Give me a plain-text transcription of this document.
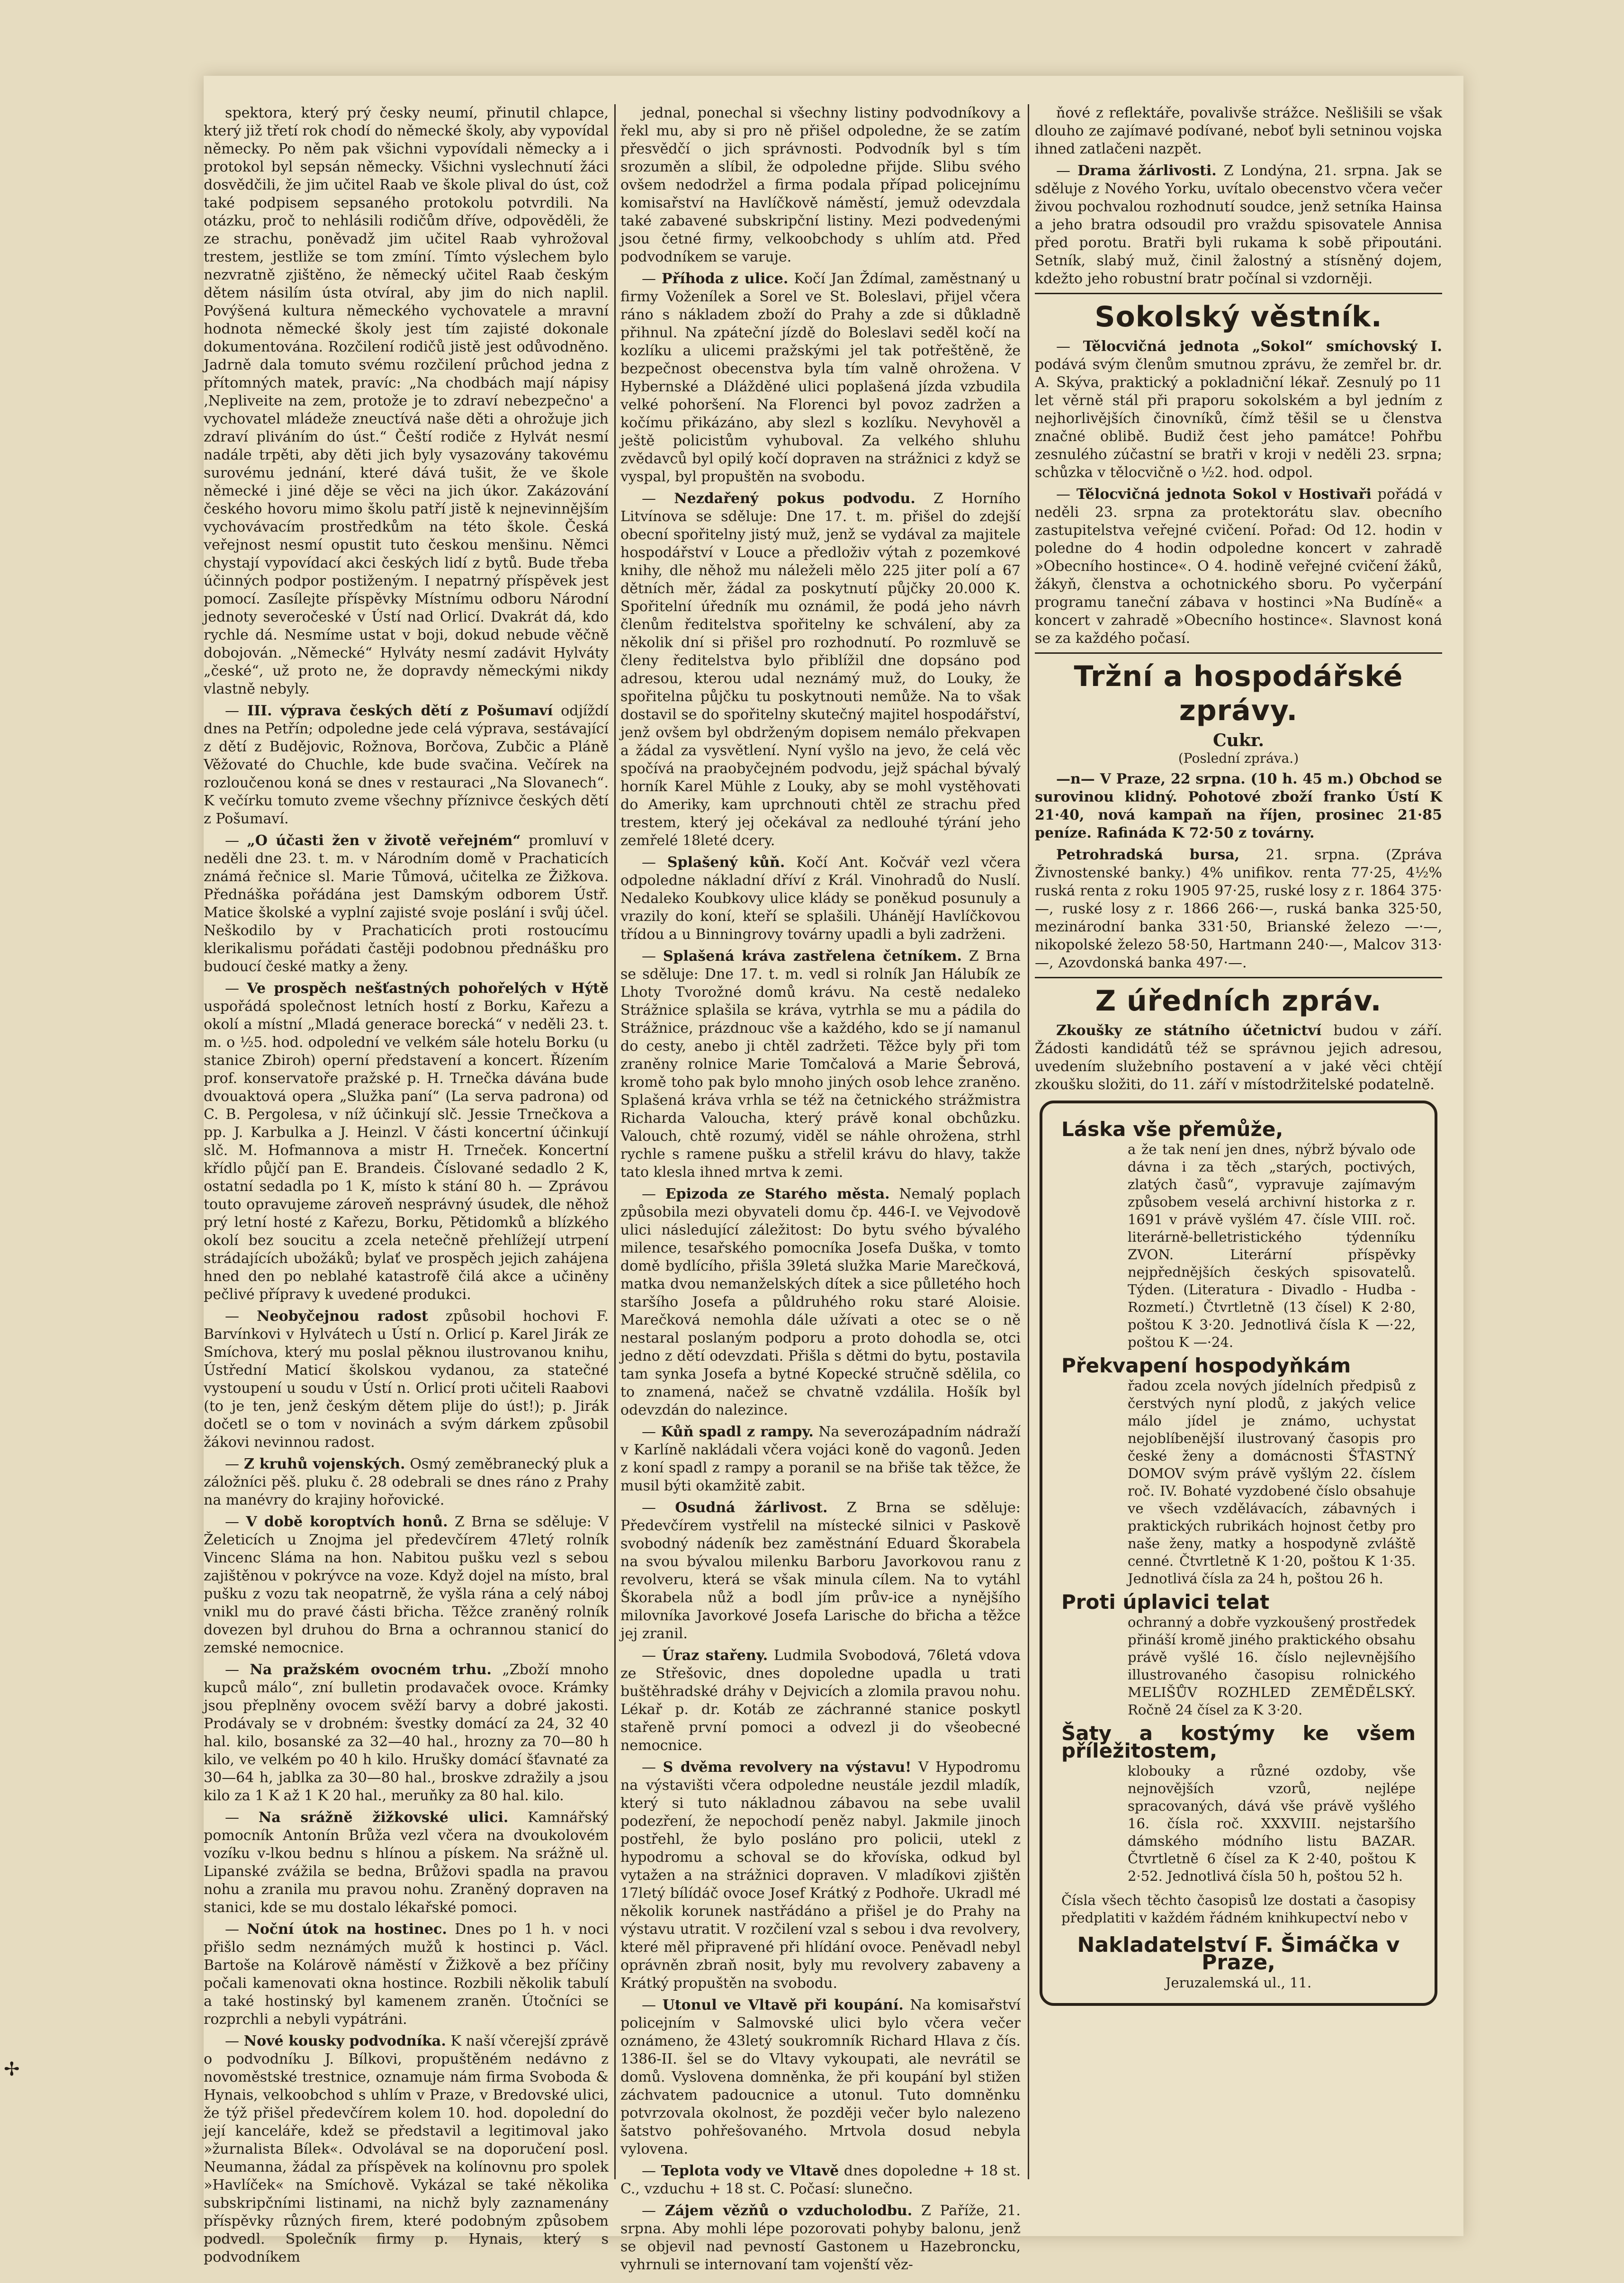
spektora, který prý česky neumí, přinutil chlapce, který již třetí rok chodí do německé školy, aby vypovídal německy. Po něm pak všichni vypovídali německy a i protokol byl sepsán německy. Všichni vyslechnutí žáci dosvědčili, že jim učitel Raab ve škole plival do úst, což také podpisem sepsaného protokolu potvrdili. Na otázku, proč to nehlásili rodičům dříve, odpověděli, že ze strachu, poněvadž jim učitel Raab vyhrožoval trestem, jestliže se tom zmíní. Tímto výslechem bylo nezvratně zjištěno, že německý učitel Raab českým dětem násilím ústa otvíral, aby jim do nich naplil. Povýšená kultura německého vychovatele a mravní hodnota německé školy jest tím zajisté dokonale dokumentována. Rozčilení rodičů jistě jest odůvodněno. Jadrně dala tomuto svému rozčilení průchod jedna z přítomných matek, pravíc: „Na chodbách mají nápisy ‚Nepliveite na zem, protože je to zdraví nebezpečno' a vychovatel mládeže zneuctívá naše děti a ohrožuje jich zdraví pliváním do úst.“ Čeští rodiče z Hylvát nesmí nadále trpěti, aby děti jich byly vysazovány takovému surovému jednání, které dává tušit, že ve škole německé i jiné děje se věci na jich úkor. Zakázování českého hovoru mimo školu patří jistě k nejnevinnějším vychovávacím prostředkům na této škole. Česká veřejnost nesmí opustit tuto českou menšinu. Němci chystají vypovídací akci českých lidí z bytů. Bude třeba účinných podpor postiženým. I nepatrný příspěvek jest pomocí. Zasílejte příspěvky Místnímu odboru Národní jednoty severočeské v Ústí nad Orlicí. Dvakrát dá, kdo rychle dá. Nesmíme ustat v boji, dokud nebude věčně dobojován. „Německé“ Hylváty nesmí zadávit Hylváty „české“, už proto ne, že dopravdy německými nikdy vlastně nebyly.

— III. výprava českých dětí z Pošumaví odjíždí dnes na Petřín; odpoledne jede celá výprava, sestávající z dětí z Budějovic, Rožnova, Borčova, Zubčic a Pláně Věžovaté do Chuchle, kde bude svačina. Večírek na rozloučenou koná se dnes v restauraci „Na Slovanech“. K večírku tomuto zveme všechny příznivce českých dětí z Pošumaví.

— „O účasti žen v životě veřejném“ promluví v neděli dne 23. t. m. v Národním domě v Prachaticích známá řečnice sl. Marie Tůmová, učitelka ze Žižkova. Přednáška pořádána jest Damským odborem Ústř. Matice školské a vyplní zajisté svoje poslání i svůj účel. Neškodilo by v Prachaticích proti rostoucímu klerikalismu pořádati častěji podobnou přednášku pro budoucí české matky a ženy.

— Ve prospěch nešťastných pohořelých v Hýtě uspořádá společnost letních hostí z Borku, Kařezu a okolí a místní „Mladá generace borecká“ v neděli 23. t. m. o ½5. hod. odpolední ve velkém sále hotelu Borku (u stanice Zbiroh) operní představení a koncert. Řízením prof. konservatoře pražské p. H. Trnečka dávána bude dvouaktová opera „Služka paní“ (La serva padrona) od C. B. Pergolesa, v níž účinkují slč. Jessie Trnečkova a pp. J. Karbulka a J. Heinzl. V části koncertní účinkují slč. M. Hofmannova a mistr H. Trneček. Koncertní křídlo půjčí pan E. Brandeis. Číslované sedadlo 2 K, ostatní sedadla po 1 K, místo k stání 80 h. — Zprávou touto opravujeme zároveň nesprávný úsudek, dle něhož prý letní hosté z Kařezu, Borku, Pětidomků a blízkého okolí bez soucitu a zcela netečně přehlížejí utrpení strádajících ubožáků; bylať ve prospěch jejich zahájena hned den po neblahé katastrofě čilá akce a učiněny pečlivé přípravy k uvedené produkci.

— Neobyčejnou radost způsobil hochovi F. Barvínkovi v Hylvátech u Ústí n. Orlicí p. Karel Jirák ze Smíchova, který mu poslal pěknou ilustrovanou knihu, Ústřední Maticí školskou vydanou, za statečné vystoupení u soudu v Ústí n. Orlicí proti učiteli Raabovi (to je ten, jenž českým dětem plije do úst!); p. Jirák dočetl se o tom v novinách a svým dárkem způsobil žákovi nevinnou radost.

— Z kruhů vojenských. Osmý zeměbranecký pluk a záložníci pěš. pluku č. 28 odebrali se dnes ráno z Prahy na manévry do krajiny hořovické.

— V době koroptvích honů. Z Brna se sděluje: V Želeticích u Znojma jel předevčírem 47letý rolník Vincenc Sláma na hon. Nabitou pušku vezl s sebou zajištěnou v pokrývce na voze. Když dojel na místo, bral pušku z vozu tak neopatrně, že vyšla rána a celý náboj vnikl mu do pravé části břicha. Těžce zraněný rolník dovezen byl druhou do Brna a ochrannou stanicí do zemské nemocnice.

— Na pražském ovocném trhu. „Zboží mnoho kupců málo“, zní bulletin prodavaček ovoce. Krámky jsou přeplněny ovocem svěží barvy a dobré jakosti. Prodávaly se v drobném: švestky domácí za 24, 32 40 hal. kilo, bosanské za 32—40 hal., hrozny za 70—80 h kilo, ve velkém po 40 h kilo. Hrušky domácí šťavnaté za 30—64 h, jablka za 30—80 hal., broskve zdražily a jsou kilo za 1 K až 1 K 20 hal., meruňky za 80 hal. kilo.

— Na srážně žižkovské ulici. Kamnářský pomocník Antonín Brůža vezl včera na dvoukolovém vozíku v-lkou bednu s hlínou a pískem. Na srážně ul. Lipanské zvážila se bedna, Brůžovi spadla na pravou nohu a zranila mu pravou nohu. Zraněný dopraven na stanici, kde se mu dostalo lékařské pomoci.

— Noční útok na hostinec. Dnes po 1 h. v noci přišlo sedm neznámých mužů k hostinci p. Václ. Bartoše na Kolárově náměstí v Žižkově a bez příčiny počali kamenovati okna hostince. Rozbili několik tabulí a také hostinský byl kamenem zraněn. Útočníci se rozprchli a nebyli vypátráni.

— Nové kousky podvodníka. K naší včerejší zprávě o podvodníku J. Bílkovi, propuštěném nedávno z novoměstské trestnice, oznamuje nám firma Svoboda & Hynais, velkoobchod s uhlím v Praze, v Bredovské ulici, že týž přišel předevčírem kolem 10. hod. dopolední do její kanceláře, kdež se představil a legitimoval jako »žurnalista Bílek«. Odvolával se na doporučení posl. Neumanna, žádal za příspěvek na kolínovnu pro spolek »Havlíček« na Smíchově. Vykázal se také několika subskripčními listinami, na nichž byly zaznamenány příspěvky různých firem, které podobným způsobem podvedl. Společník firmy p. Hynais, který s podvodníkem

jednal, ponechal si všechny listiny podvodníkovy a řekl mu, aby si pro ně přišel odpoledne, že se zatím přesvědčí o jich správnosti. Podvodník byl s tím srozuměn a slíbil, že odpoledne přijde. Slibu svého ovšem nedodržel a firma podala případ policejnímu komisařství na Havlíčkově náměstí, jemuž odevzdala také zabavené subskripční listiny. Mezi podvedenými jsou četné firmy, velkoobchody s uhlím atd. Před podvodníkem se varuje.

— Příhoda z ulice. Kočí Jan Ždímal, zaměstnaný u firmy Voženílek a Sorel ve St. Boleslavi, přijel včera ráno s nákladem zboží do Prahy a zde si důkladně přihnul. Na zpáteční jízdě do Boleslavi seděl kočí na kozlíku a ulicemi pražskými jel tak potřeštěně, že bezpečnost obecenstva byla tím valně ohrožena. V Hybernské a Dlážděné ulici poplašená jízda vzbudila velké pohoršení. Na Florenci byl povoz zadržen a kočímu přikázáno, aby slezl s kozlíku. Nevyhověl a ještě policistům vyhuboval. Za velkého shluhu zvědavců byl opilý kočí dopraven na strážnici z když se vyspal, byl propuštěn na svobodu.

— Nezdařený pokus podvodu. Z Horního Litvínova se sděluje: Dne 17. t. m. přišel do zdejší obecní spořitelny jistý muž, jenž se vydával za majitele hospodářství v Louce a předloživ výtah z pozemkové knihy, dle něhož mu náleželi mělo 225 jiter polí a 67 dětních měr, žádal za poskytnutí půjčky 20.000 K. Spořitelní úředník mu oznámil, že podá jeho návrh členům ředitelstva spořitelny ke schválení, aby za několik dní si přišel pro rozhodnutí. Po rozmluvě se členy ředitelstva bylo přiblížil dne dopsáno pod adresou, kterou udal neznámý muž, do Louky, že spořitelna půjčku tu poskytnouti nemůže. Na to však dostavil se do spořitelny skutečný majitel hospodářství, jenž ovšem byl obdrženým dopisem nemálo překvapen a žádal za vysvětlení. Nyní vyšlo na jevo, že celá věc spočívá na praobyčejném podvodu, jejž spáchal bývalý horník Karel Mühle z Louky, aby se mohl vystěhovati do Ameriky, kam uprchnouti chtěl ze strachu před trestem, který jej očekával za nedlouhé týrání jeho zemřelé 18leté dcery.

— Splašený kůň. Kočí Ant. Kočvář vezl včera odpoledne nákladní dříví z Král. Vinohradů do Nuslí. Nedaleko Koubkovy ulice klády se poněkud posunuly a vrazily do koní, kteří se splašili. Uhánějí Havlíčkovou třídou a u Binningrovy továrny upadli a byli zadrženi.

— Splašená kráva zastřelena četníkem. Z Brna se sděluje: Dne 17. t. m. vedl si rolník Jan Hálubík ze Lhoty Tvorožné domů krávu. Na cestě nedaleko Strážnice splašila se kráva, vytrhla se mu a pádila do Strážnice, prázdnouc vše a každého, kdo se jí namanul do cesty, anebo ji chtěl zadržeti. Těžce byly při tom zraněny rolnice Marie Tomčalová a Marie Šebrová, kromě toho pak bylo mnoho jiných osob lehce zraněno. Splašená kráva vrhla se též na četnického strážmistra Richarda Valoucha, který právě konal obchůzku. Valouch, chtě rozumý, viděl se náhle ohrožena, strhl rychle s ramene pušku a střelil krávu do hlavy, takže tato klesla ihned mrtva k zemi.

— Epizoda ze Starého města. Nemalý poplach způsobila mezi obyvateli domu čp. 446-I. ve Vejvodově ulici následující záležitost: Do bytu svého bývalého milence, tesařského pomocníka Josefa Duška, v tomto domě bydlícího, přišla 39letá služka Marie Marečková, matka dvou nemanželských dítek a sice půlletého hoch staršího Josefa a půldruhého roku staré Aloisie. Marečková nemohla dále užívati a otec se o ně nestaral poslaným podporu a proto dohodla se, otci jedno z dětí odevzdati. Přišla s dětmi do bytu, postavila tam synka Josefa a bytné Kopecké stručně sdělila, co to znamená, načež se chvatně vzdálila. Hošík byl odevzdán do nalezince.

— Kůň spadl z rampy. Na severozápadním nádraží v Karlíně nakládali včera vojáci koně do vagonů. Jeden z koní spadl z rampy a poranil se na břiše tak těžce, že musil býti okamžitě zabit.

— Osudná žárlivost. Z Brna se sděluje: Předevčírem vystřelil na místecké silnici v Paskově svobodný nádeník bez zaměstnání Eduard Škorabela na svou bývalou milenku Barboru Javorkovou ranu z revolveru, která se však minula cílem. Na to vytáhl Škorabela nůž a bodl jím prův-ice a nynějšího milovníka Javorkové Josefa Larische do břicha a těžce jej zranil.

— Úraz stařeny. Ludmila Svobodová, 76letá vdova ze Střešovic, dnes dopoledne upadla u trati buštěhradské dráhy v Dejvicích a zlomila pravou nohu. Lékař p. dr. Kotáb ze záchranné stanice poskytl stařeně první pomoci a odvezl ji do všeobecné nemocnice.

— S dvěma revolvery na výstavu! V Hypodromu na výstavišti včera odpoledne neustále jezdil mladík, který si tuto nákladnou zábavou na sebe uvalil podezření, že nepochodí peněz nabyl. Jakmile jinoch postřehl, že bylo posláno pro policii, utekl z hypodromu a schoval se do křovíska, odkud byl vytažen a na strážnici dopraven. V mladíkovi zjištěn 17letý bílídáč ovoce Josef Krátký z Podhoře. Ukradl mé několik korunek nastřádáno a přišel je do Prahy na výstavu utratit. V rozčilení vzal s sebou i dva revolvery, které měl připravené při hlídání ovoce. Peněvadl nebyl oprávněn zbraň nosit, byly mu revolvery zabaveny a Krátký propuštěn na svobodu.

— Utonul ve Vltavě při koupání. Na komisařství policejním v Salmovské ulici bylo včera večer oznámeno, že 43letý soukromník Richard Hlava z čís. 1386-II. šel se do Vltavy vykoupati, ale nevrátil se domů. Vyslovena domněnka, že při koupání byl stižen záchvatem padoucnice a utonul. Tuto domněnku potvrzovala okolnost, že později večer bylo nalezeno šatstvo pohřešovaného. Mrtvola dosud nebyla vylovena.

— Teplota vody ve Vltavě dnes dopoledne + 18 st. C., vzduchu + 18 st. C. Počasí: slunečno.

— Zájem vězňů o vzducholodbu. Z Paříže, 21. srpna. Aby mohli lépe pozorovati pohyby balonu, jenž se objevil nad pevností Gastonem u Hazebroncku, vyhrnuli se internovaní tam vojenští věz-

ňové z reflektáře, povalivše strážce. Nešlišili se však dlouho ze zajímavé podívané, neboť byli setninou vojska ihned zatlačeni nazpět.

— Drama žárlivosti. Z Londýna, 21. srpna. Jak se sděluje z Nového Yorku, uvítalo obecenstvo včera večer živou pochvalou rozhodnutí soudce, jenž setníka Hainsa a jeho bratra odsoudil pro vraždu spisovatele Annisa před porotu. Bratři byli rukama k sobě připoutáni. Setník, slabý muž, činil žalostný a stísněný dojem, kdežto jeho robustní bratr počínal si vzdorněji.

Sokolský věstník.

— Tělocvičná jednota „Sokol“ smíchovský I. podává svým členům smutnou zprávu, že zemřel br. dr. A. Skýva, praktický a pokladniční lékař. Zesnulý po 11 let věrně stál při praporu sokolském a byl jedním z nejhorlivějších činovníků, čímž těšil se u členstva značné oblibě. Budiž čest jeho památce! Pohřbu zesnulého zúčastní se bratři v kroji v neděli 23. srpna; schůzka v tělocvičně o ½2. hod. odpol.

— Tělocvičná jednota Sokol v Hostivaři pořádá v neděli 23. srpna za protektorátu slav. obecního zastupitelstva veřejné cvičení. Pořad: Od 12. hodin v poledne do 4 hodin odpoledne koncert v zahradě »Obecního hostince«. O 4. hodině veřejné cvičení žáků, žákyň, členstva a ochotnického sboru. Po vyčerpání programu taneční zábava v hostinci »Na Budíně« a koncert v zahradě »Obecního hostince«. Slavnost koná se za každého počasí.

Tržní a hospodářské zprávy.
Cukr.
(Poslední zpráva.)

—n— V Praze, 22 srpna. (10 h. 45 m.) Obchod se surovinou klidný. Pohotové zboží franko Ústí K 21·40, nová kampaň na říjen, prosinec 21·85 peníze. Rafináda K 72·50 z továrny.

Petrohradská bursa, 21. srpna. (Zpráva Živnostenské banky.) 4% unifikov. renta 77·25, 4½% ruská renta z roku 1905 97·25, ruské losy z r. 1864 375·—, ruské losy z r. 1866 266·—, ruská banka 325·50, mezinárodní banka 331·50, Brianské železo —·—, nikopolské železo 58·50, Hartmann 240·—, Malcov 313·—, Azovdonská banka 497·—.

Z úředních zpráv.

Zkoušky ze státního účetnictví budou v září. Žádosti kandidátů též se správnou jejich adresou, uvedením služebního postavení a v jaké věci chtějí zkoušku složiti, do 11. září v místodržitelské podatelně.

Láska vše přemůže,

a že tak není jen dnes, nýbrž bývalo ode dávna i za těch „starých, poctivých, zlatých časů“, vypravuje zajímavým způsobem veselá archivní historka z r. 1691 v právě vyšlém 47. čísle VIII. roč. literárně-belletristického týdenníku ZVON. Literární příspěvky nejpřednějších českých spisovatelů. Týden. (Literatura - Divadlo - Hudba - Rozmetí.) Čtvrtletně (13 čísel) K 2·80, poštou K 3·20. Jednotlivá čísla K —·22, poštou K —·24.

Překvapení hospodyňkám

řadou zcela nových jídelních předpisů z čerstvých nyní plodů, z jakých velice málo jídel je známo, uchystat nejoblíbenější ilustrovaný časopis pro české ženy a domácnosti ŠŤASTNÝ DOMOV svým právě vyšlým 22. číslem roč. IV. Bohaté vyzdobené číslo obsahuje ve všech vzdělávacích, zábavných i praktických rubrikách hojnost četby pro naše ženy, matky a hospodyně zvláště cenné. Čtvrtletně K 1·20, poštou K 1·35. Jednotlivá čísla za 24 h, poštou 26 h.

Proti úplavici telat

ochranný a dobře vyzkoušený prostředek přináší kromě jiného praktického obsahu právě vyšlé 16. číslo nejlevnějšího illustrovaného časopisu rolnického MELIŠŮV ROZHLED ZEMĚDĚLSKÝ. Ročně 24 čísel za K 3·20.

Šaty a kostýmy ke všem příležitostem,

klobouky a různé ozdoby, vše nejnovějších vzorů, nejlépe spracovaných, dává vše právě vyšlého 16. čísla roč. XXXVIII. nejstaršího dámského módního listu BAZAR. Čtvrtletně 6 čísel za K 2·40, poštou K 2·52. Jednotlivá čísla 50 h, poštou 52 h.

Čísla všech těchto časopisů lze dostati a časopisy předplatiti v každém řádném knihkupectví nebo v
Nakladatelství F. Šimáčka v Praze,
Jeruzalemská ul., 11.
✢
